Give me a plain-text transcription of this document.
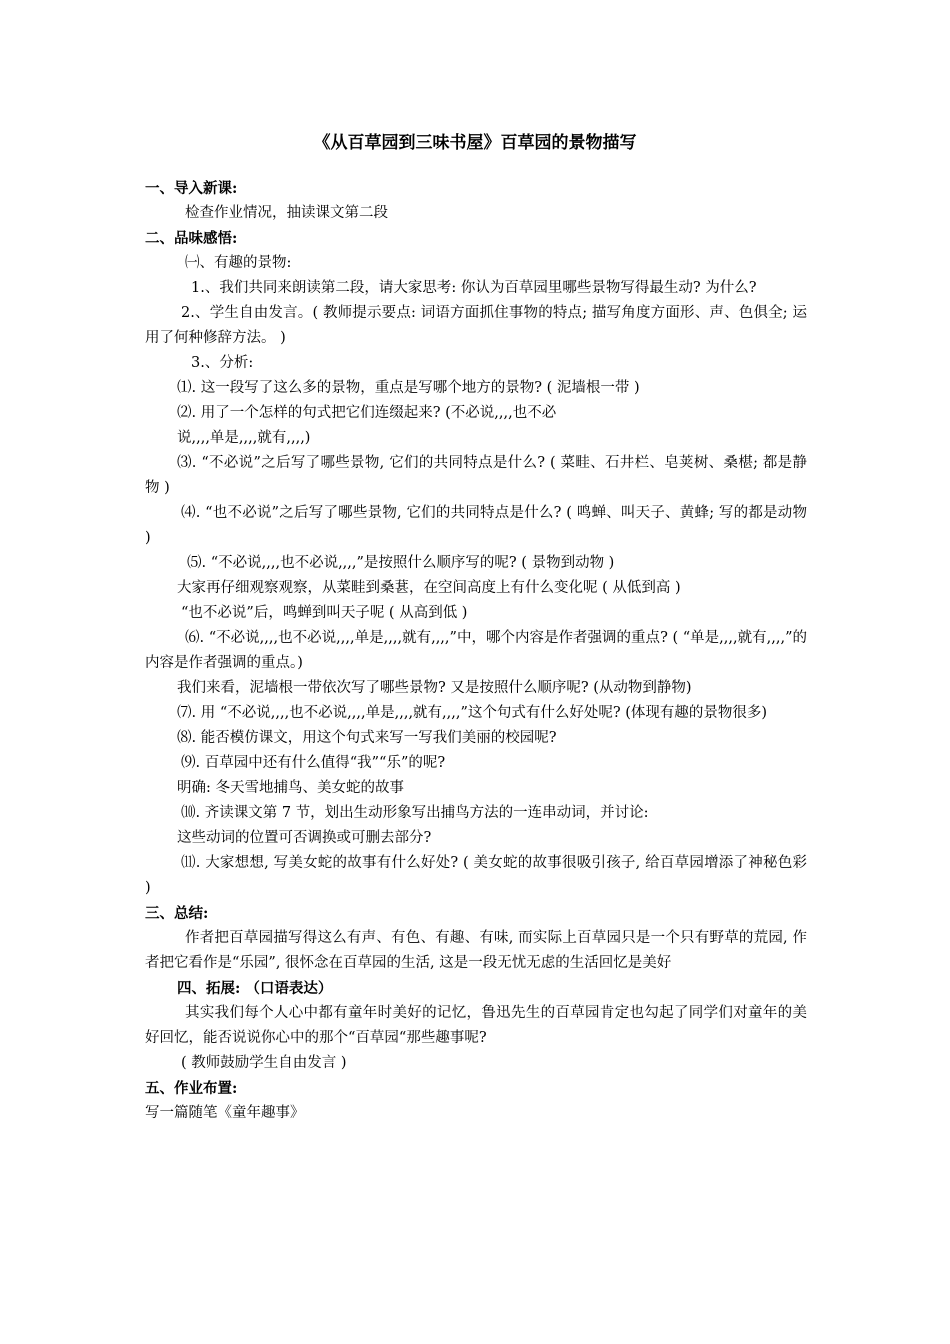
《从百草园到三味书屋》百草园的景物描写

一、导入新课:

检查作业情况，抽读课文第二段

二、品味感悟:

㈠、有趣的景物:

1.、我们共同来朗读第二段，请大家思考: 你认为百草园里哪些景物写得最生动? 为什么?

2.、学生自由发言。( 教师提示要点: 词语方面抓住事物的特点; 描写角度方面形、声、色俱全; 运用了何种修辞方法。 )

3.、分析:

⑴. 这一段写了这么多的景物，重点是写哪个地方的景物? ( 泥墙根一带 )

⑵. 用了一个怎样的句式把它们连缀起来? (不必说,,,,也不必

说,,,,单是,,,,就有,,,,)

⑶. “不必说”之后写了哪些景物, 它们的共同特点是什么? ( 菜畦、石井栏、皂荚树、桑椹; 都是静物 )

⑷. “也不必说”之后写了哪些景物, 它们的共同特点是什么? ( 鸣蝉、叫天子、黄蜂; 写的都是动物 )

⑸. “不必说,,,,也不必说,,,,”是按照什么顺序写的呢? ( 景物到动物 )

大家再仔细观察观察，从菜畦到桑葚，在空间高度上有什么变化呢 ( 从低到高 )

“也不必说”后，鸣蝉到叫天子呢 ( 从高到低 )

⑹. “不必说,,,,也不必说,,,,单是,,,,就有,,,,”中，哪个内容是作者强调的重点? ( “单是,,,,就有,,,,”的内容是作者强调的重点。)

我们来看，泥墙根一带依次写了哪些景物? 又是按照什么顺序呢? (从动物到静物)

⑺. 用 “不必说,,,,也不必说,,,,单是,,,,就有,,,,”这个句式有什么好处呢? (体现有趣的景物很多)

⑻. 能否模仿课文，用这个句式来写一写我们美丽的校园呢?

⑼. 百草园中还有什么值得“我”“乐”的呢?

明确: 冬天雪地捕鸟、美女蛇的故事

⑽. 齐读课文第 7 节，划出生动形象写出捕鸟方法的一连串动词，并讨论:

这些动词的位置可否调换或可删去部分?

⑾. 大家想想, 写美女蛇的故事有什么好处? ( 美女蛇的故事很吸引孩子, 给百草园增添了神秘色彩 )

三、总结:

作者把百草园描写得这么有声、有色、有趣、有味, 而实际上百草园只是一个只有野草的荒园, 作者把它看作是“乐园”, 很怀念在百草园的生活, 这是一段无忧无虑的生活回忆是美好

四、拓展: （口语表达）

其实我们每个人心中都有童年时美好的记忆，鲁迅先生的百草园肯定也勾起了同学们对童年的美好回忆，能否说说你心中的那个“百草园“那些趣事呢?

( 教师鼓励学生自由发言 )

五、作业布置:

写一篇随笔《童年趣事》
